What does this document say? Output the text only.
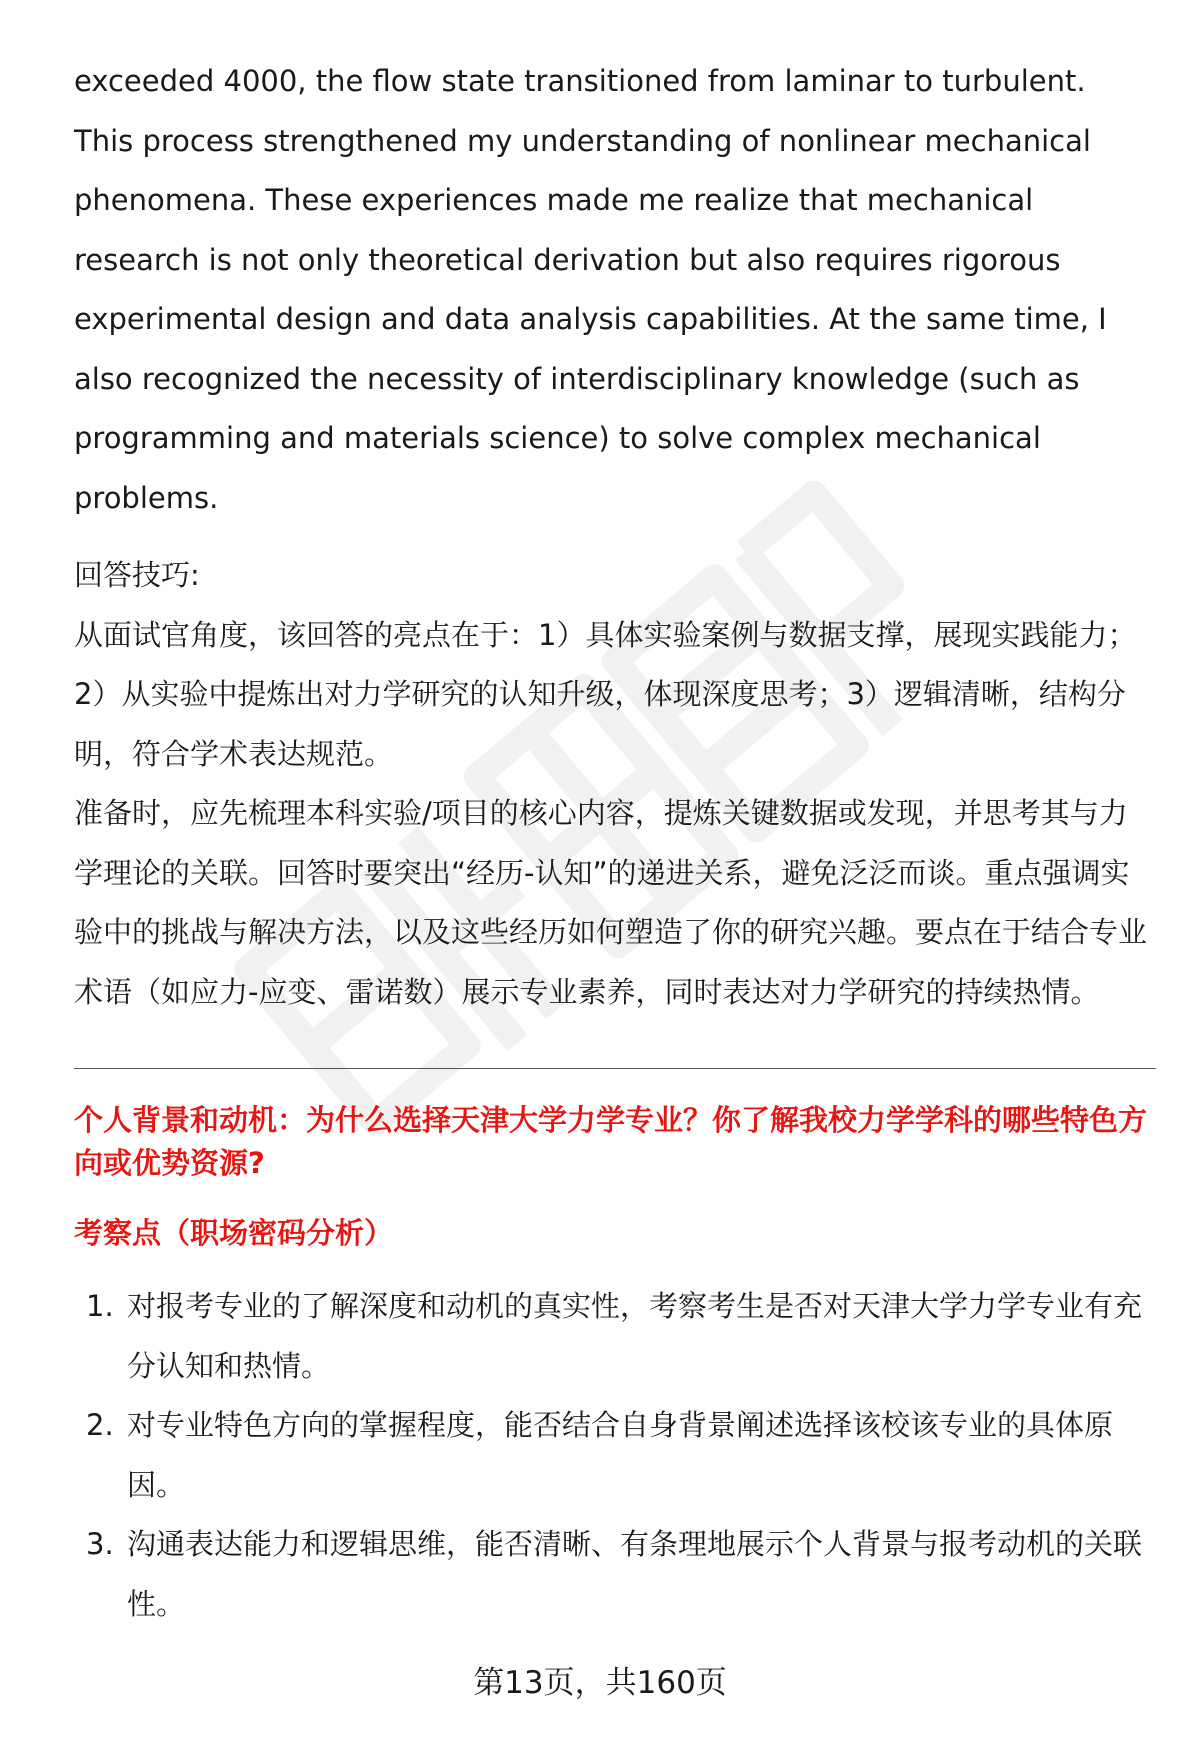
exceeded 4000, the flow state transitioned from laminar to turbulent. This process strengthened my understanding of nonlinear mechanical phenomena. These experiences made me realize that mechanical research is not only theoretical derivation but also requires rigorous experimental design and data analysis capabilities. At the same time, I also recognized the necessity of interdisciplinary knowledge (such as programming and materials science) to solve complex mechanical problems.

回答技巧:

从面试官角度，该回答的亮点在于：1）具体实验案例与数据支撑，展现实践能力；2）从实验中提炼出对力学研究的认知升级，体现深度思考；3）逻辑清晰，结构分明，符合学术表达规范。

准备时，应先梳理本科实验/项目的核心内容，提炼关键数据或发现，并思考其与力学理论的关联。回答时要突出“经历-认知”的递进关系，避免泛泛而谈。重点强调实验中的挑战与解决方法，以及这些经历如何塑造了你的研究兴趣。要点在于结合专业术语（如应力-应变、雷诺数）展示专业素养，同时表达对力学研究的持续热情。

个人背景和动机：为什么选择天津大学力学专业？你了解我校力学学科的哪些特色方向或优势资源?

考察点（职场密码分析）

1. 对报考专业的了解深度和动机的真实性，考察考生是否对天津大学力学专业有充分认知和热情。
2. 对专业特色方向的掌握程度，能否结合自身背景阐述选择该校该专业的具体原因。
3. 沟通表达能力和逻辑思维，能否清晰、有条理地展示个人背景与报考动机的关联性。
第13页，共160页
